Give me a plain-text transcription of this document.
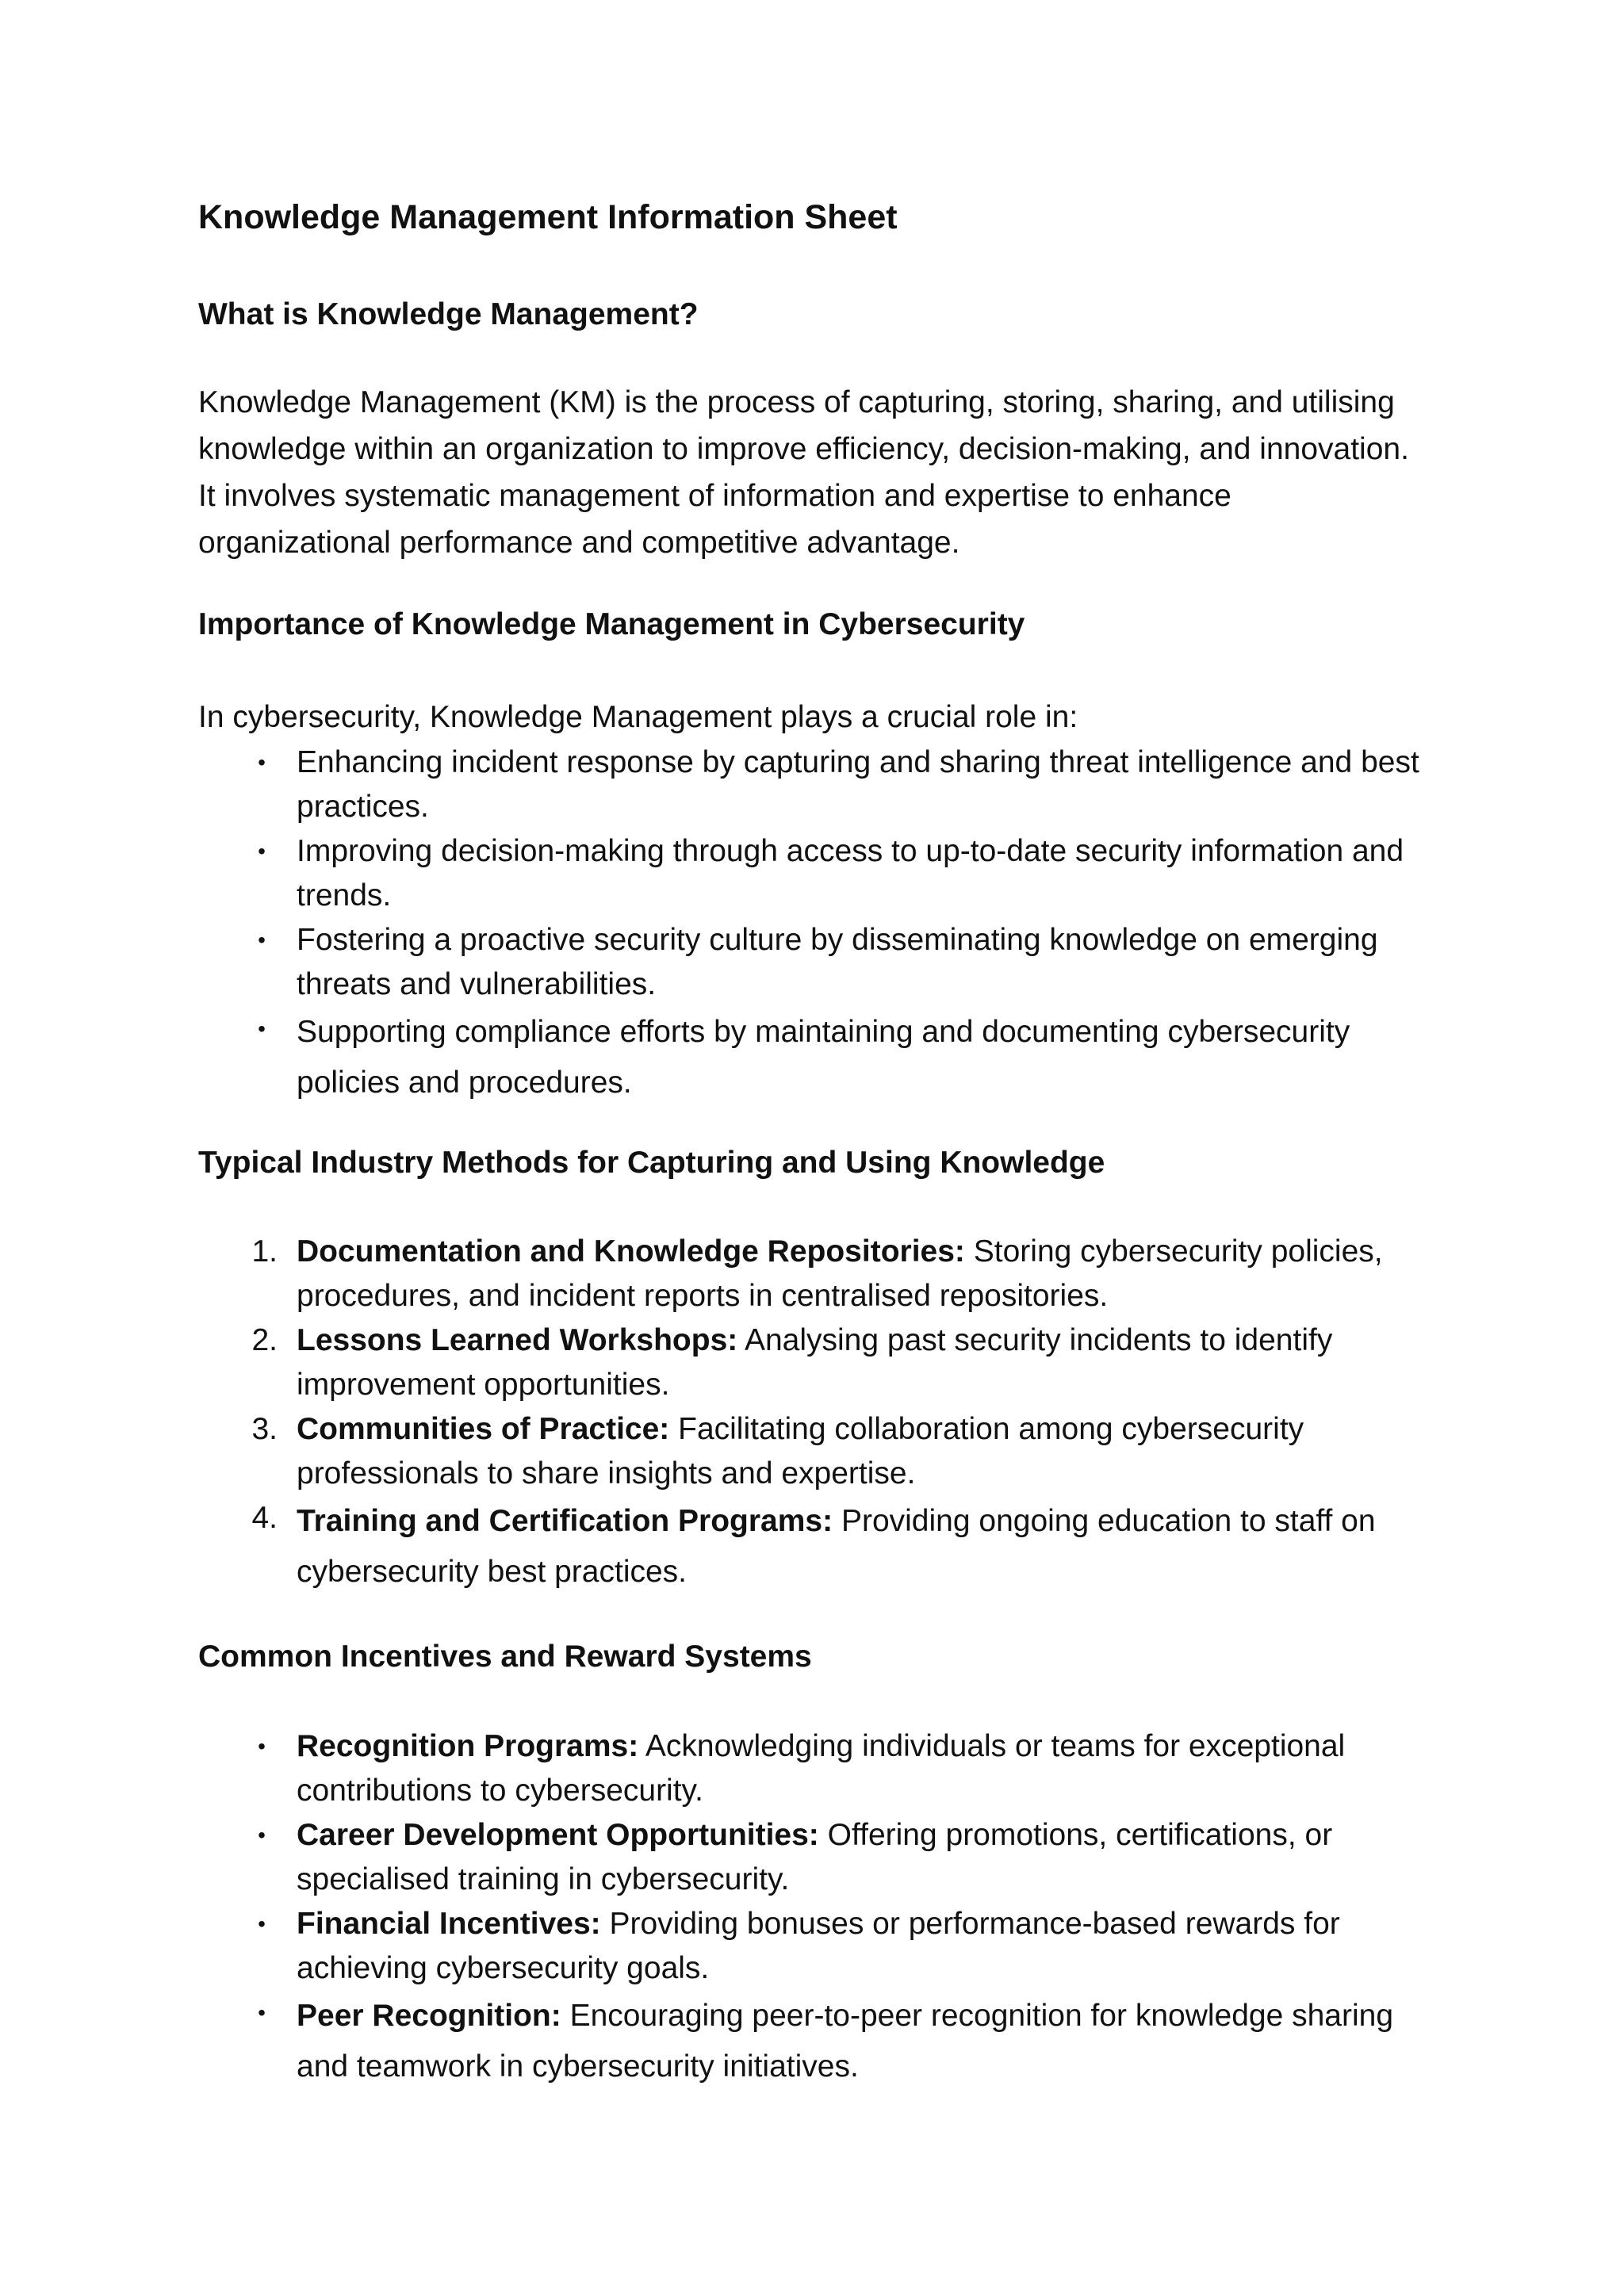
Knowledge Management Information Sheet
What is Knowledge Management?

Knowledge Management (KM) is the process of capturing, storing, sharing, and utilising knowledge within an organization to improve efficiency, decision-making, and innovation. It involves systematic management of information and expertise to enhance organizational performance and competitive advantage.

Importance of Knowledge Management in Cybersecurity

In cybersecurity, Knowledge Management plays a crucial role in:

•	Enhancing incident response by capturing and sharing threat intelligence and best practices.
•	Improving decision-making through access to up-to-date security information and trends.
•	Fostering a proactive security culture by disseminating knowledge on emerging threats and vulnerabilities.
•	Supporting compliance efforts by maintaining and documenting cybersecurity policies and procedures.
Typical Industry Methods for Capturing and Using Knowledge
1. Documentation and Knowledge Repositories: Storing cybersecurity policies, procedures, and incident reports in centralised repositories.
2. Lessons Learned Workshops: Analysing past security incidents to identify improvement opportunities.
3. Communities of Practice: Facilitating collaboration among cybersecurity professionals to share insights and expertise.
4. Training and Certification Programs: Providing ongoing education to staff on cybersecurity best practices.
Common Incentives and Reward Systems
•	Recognition Programs: Acknowledging individuals or teams for exceptional contributions to cybersecurity.
•	Career Development Opportunities: Offering promotions, certifications, or specialised training in cybersecurity.
•	Financial Incentives: Providing bonuses or performance-based rewards for achieving cybersecurity goals.
•	Peer Recognition: Encouraging peer-to-peer recognition for knowledge sharing and teamwork in cybersecurity initiatives.
